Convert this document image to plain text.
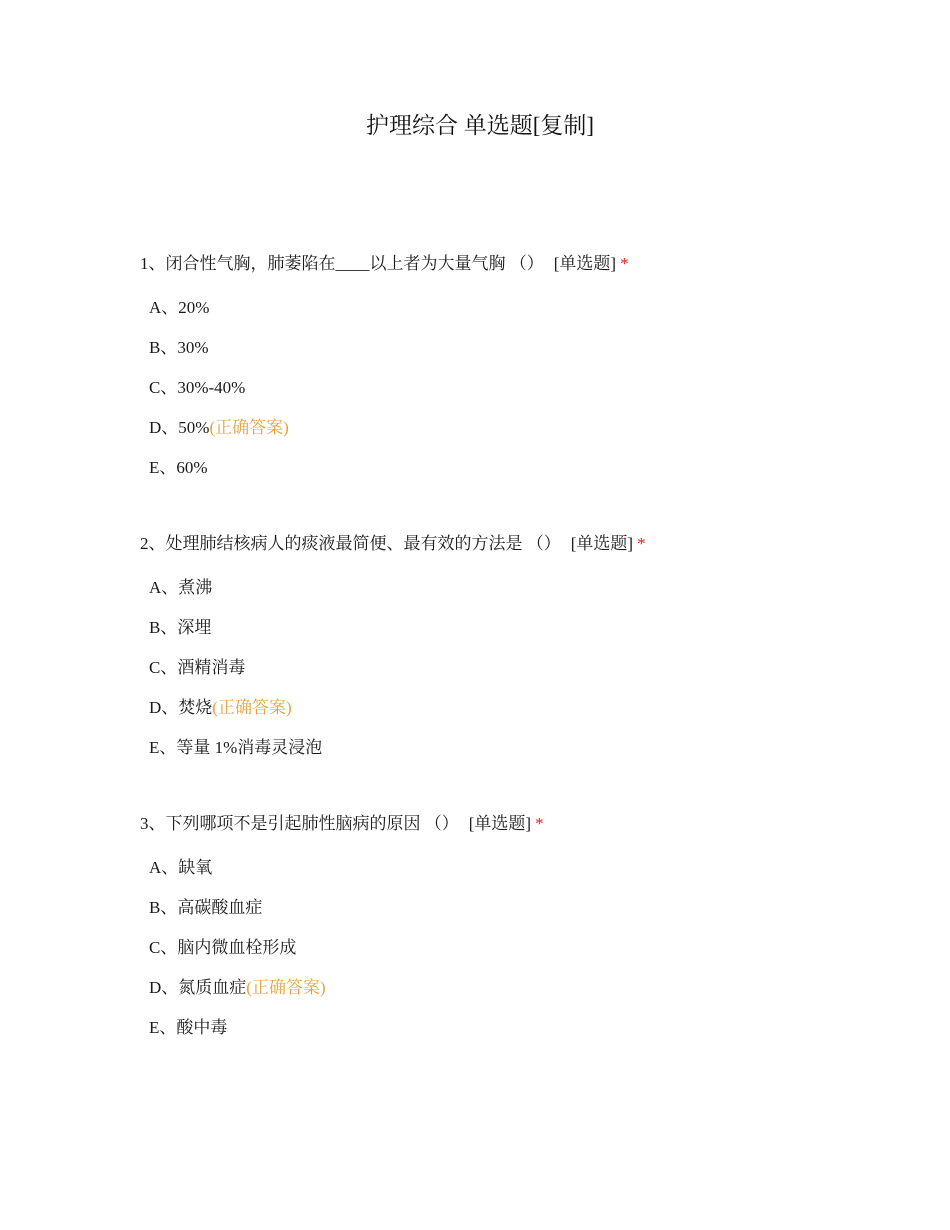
护理综合 单选题[复制]
1、闭合性气胸，肺萎陷在____以上者为大量气胸 （） [单选题] *
A、20%
B、30%
C、30%-40%
D、50%(正确答案)
E、60%
2、处理肺结核病人的痰液最简便、最有效的方法是 （） [单选题] *
A、煮沸
B、深埋
C、酒精消毒
D、焚烧(正确答案)
E、等量 1%消毒灵浸泡
3、下列哪项不是引起肺性脑病的原因 （） [单选题] *
A、缺氧
B、高碳酸血症
C、脑内微血栓形成
D、氮质血症(正确答案)
E、酸中毒
